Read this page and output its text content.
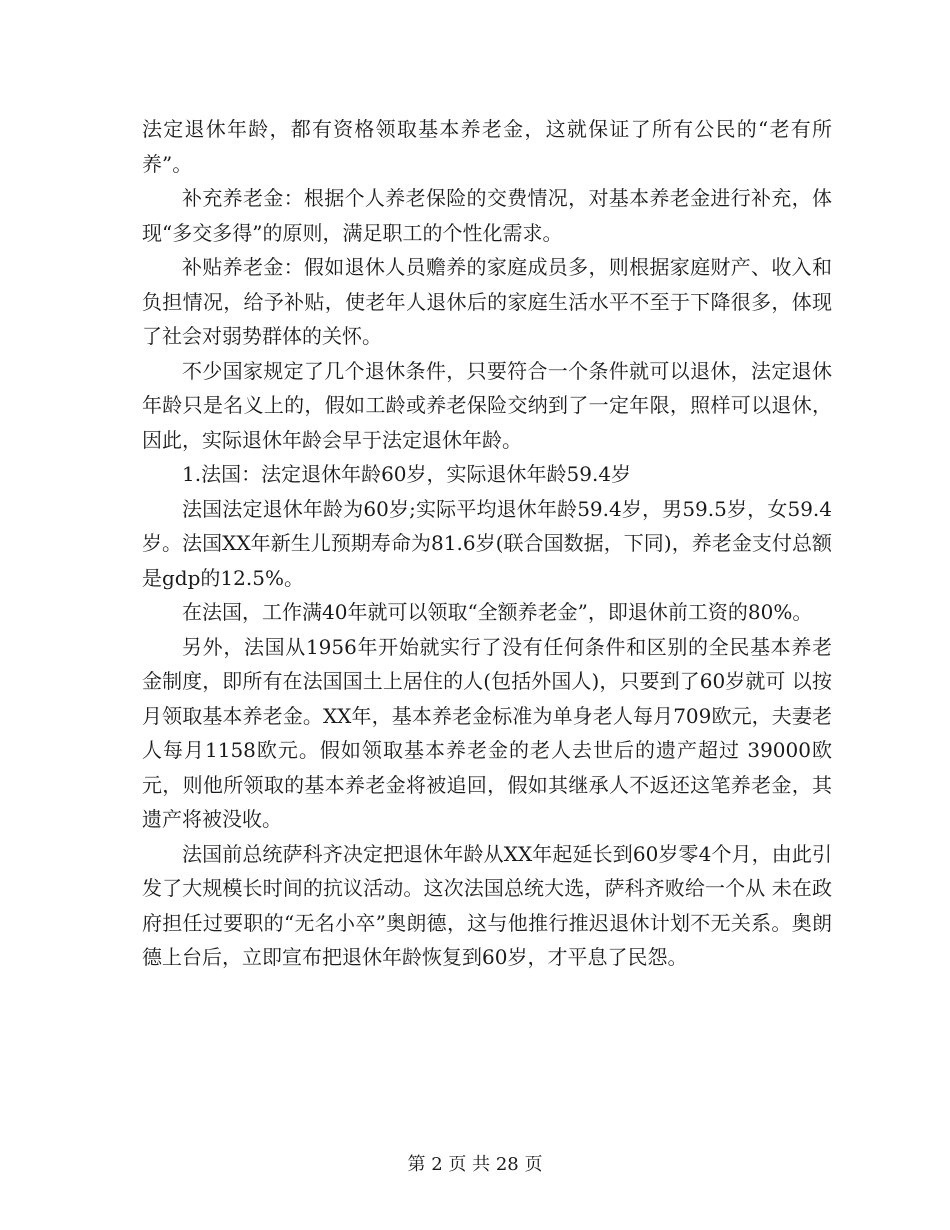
法定退休年龄，都有资格领取基本养老金，这就保证了所有公民的“老有所养”。

补充养老金：根据个人养老保险的交费情况，对基本养老金进行补充，体现“多交多得”的原则，满足职工的个性化需求。

补贴养老金：假如退休人员赡养的家庭成员多，则根据家庭财产、收入和负担情况，给予补贴，使老年人退休后的家庭生活水平不至于下降很多，体现了社会对弱势群体的关怀。

不少国家规定了几个退休条件，只要符合一个条件就可以退休，法定退休年龄只是名义上的，假如工龄或养老保险交纳到了一定年限，照样可以退休，因此，实际退休年龄会早于法定退休年龄。

1.法国：法定退休年龄60岁，实际退休年龄59.4岁

法国法定退休年龄为60岁;实际平均退休年龄59.4岁，男59.5岁，女59.4岁。法国XX年新生儿预期寿命为81.6岁(联合国数据，下同)，养老金支付总额是gdp的12.5%。

在法国，工作满40年就可以领取“全额养老金”，即退休前工资的80%。

另外，法国从1956年开始就实行了没有任何条件和区别的全民基本养老金制度，即所有在法国国土上居住的人(包括外国人)，只要到了60岁就可 以按月领取基本养老金。XX年，基本养老金标准为单身老人每月709欧元，夫妻老人每月1158欧元。假如领取基本养老金的老人去世后的遗产超过 39000欧元，则他所领取的基本养老金将被追回，假如其继承人不返还这笔养老金，其遗产将被没收。

法国前总统萨科齐决定把退休年龄从XX年起延长到60岁零4个月，由此引发了大规模长时间的抗议活动。这次法国总统大选，萨科齐败给一个从 未在政府担任过要职的“无名小卒”奥朗德，这与他推行推迟退休计划不无关系。奥朗德上台后，立即宣布把退休年龄恢复到60岁，才平息了民怨。

第 2 页 共 28 页
